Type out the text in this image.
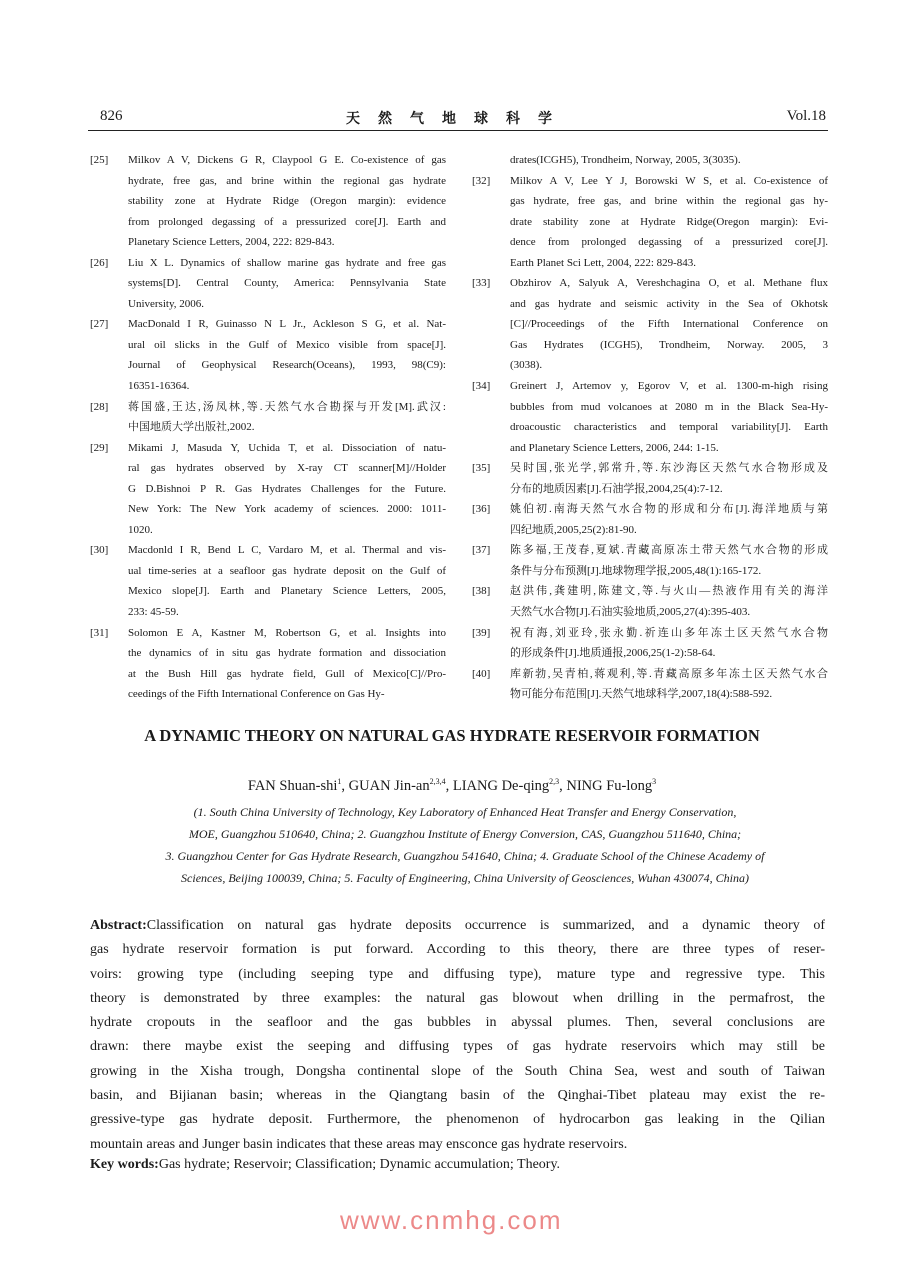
826	天然气地球科学	Vol.18
[25]	Milkov A V, Dickens G R, Claypool G E. Co-existence of gas
hydrate, free gas, and brine within the regional gas hydrate
stability zone at Hydrate Ridge (Oregon margin): evidence
from prolonged degassing of a pressurized core[J]. Earth and
Planetary Science Letters, 2004, 222: 829-843.
[26]	Liu X L. Dynamics of shallow marine gas hydrate and free gas
systems[D]. Central County, America: Pennsylvania State
University, 2006.
[27]	MacDonald I R, Guinasso N L Jr., Ackleson S G, et al. Nat-
ural oil slicks in the Gulf of Mexico visible from space[J].
Journal of Geophysical Research(Oceans), 1993, 98(C9):
16351-16364.
[28]	蒋国盛,王达,汤凤林,等.天然气水合勘探与开发[M].武汉:
中国地质大学出版社,2002.
[29]	Mikami J, Masuda Y, Uchida T, et al. Dissociation of natu-
ral gas hydrates observed by X-ray CT scanner[M]//Holder
G D.Bishnoi P R. Gas Hydrates Challenges for the Future.
New York: The New York academy of sciences. 2000: 1011-
1020.
[30]	Macdonld I R, Bend L C, Vardaro M, et al. Thermal and vis-
ual time-series at a seafloor gas hydrate deposit on the Gulf of
Mexico slope[J]. Earth and Planetary Science Letters, 2005,
233: 45-59.
[31]	Solomon E A, Kastner M, Robertson G, et al. Insights into
the dynamics of in situ gas hydrate formation and dissociation
at the Bush Hill gas hydrate field, Gull of Mexico[C]//Pro-
ceedings of the Fifth International Conference on Gas Hy-
drates(ICGH5), Trondheim, Norway, 2005, 3(3035).
[32]	Milkov A V, Lee Y J, Borowski W S, et al. Co-existence of
gas hydrate, free gas, and brine within the regional gas hy-
drate stability zone at Hydrate Ridge(Oregon margin): Evi-
dence from prolonged degassing of a pressurized core[J].
Earth Planet Sci Lett, 2004, 222: 829-843.
[33]	Obzhirov A, Salyuk A, Vereshchagina O, et al. Methane flux
and gas hydrate and seismic activity in the Sea of Okhotsk
[C]//Proceedings of the Fifth International Conference on
Gas Hydrates (ICGH5), Trondheim, Norway. 2005, 3
(3038).
[34]	Greinert J, Artemov y, Egorov V, et al. 1300-m-high rising
bubbles from mud volcanoes at 2080 m in the Black Sea-Hy-
droacoustic characteristics and temporal variability[J]. Earth
and Planetary Science Letters, 2006, 244: 1-15.
[35]	吴时国,张光学,郭常升,等.东沙海区天然气水合物形成及
分布的地质因素[J].石油学报,2004,25(4):7-12.
[36]	姚伯初.南海天然气水合物的形成和分布[J].海洋地质与第
四纪地质,2005,25(2):81-90.
[37]	陈多福,王茂春,夏斌.青藏高原冻土带天然气水合物的形成
条件与分布预测[J].地球物理学报,2005,48(1):165-172.
[38]	赵洪伟,龚建明,陈建文,等.与火山—热液作用有关的海洋
天然气水合物[J].石油实验地质,2005,27(4):395-403.
[39]	祝有海,刘亚玲,张永勤.祈连山多年冻土区天然气水合物
的形成条件[J].地质通报,2006,25(1-2):58-64.
[40]	库新勃,吴青柏,蒋观利,等.青藏高原多年冻土区天然气水合
物可能分布范围[J].天然气地球科学,2007,18(4):588-592.
A DYNAMIC THEORY ON NATURAL GAS HYDRATE RESERVOIR FORMATION
FAN Shuan-shi$^1$, GUAN Jin-an$^{2,3,4}$, LIANG De-qing$^{2,3}$, NING Fu-long$^3$
(1. South China University of Technology, Key Laboratory of Enhanced Heat Transfer and Energy Conservation,
MOE, Guangzhou 510640, China; 2. Guangzhou Institute of Energy Conversion, CAS, Guangzhou 511640, China;
3. Guangzhou Center for Gas Hydrate Research, Guangzhou 541640, China; 4. Graduate School of the Chinese Academy of
Sciences, Beijing 100039, China; 5. Faculty of Engineering, China University of Geosciences, Wuhan 430074, China)
Abstract:Classification on natural gas hydrate deposits occurrence is summarized, and a dynamic theory of
gas hydrate reservoir formation is put forward. According to this theory, there are three types of reser-
voirs: growing type (including seeping type and diffusing type), mature type and regressive type. This
theory is demonstrated by three examples: the natural gas blowout when drilling in the permafrost, the
hydrate cropouts in the seafloor and the gas bubbles in abyssal plumes. Then, several conclusions are
drawn: there maybe exist the seeping and diffusing types of gas hydrate reservoirs which may still be
growing in the Xisha trough, Dongsha continental slope of the South China Sea, west and south of Taiwan
basin, and Bijianan basin; whereas in the Qiangtang basin of the Qinghai-Tibet plateau may exist the re-
gressive-type gas hydrate deposit. Furthermore, the phenomenon of hydrocarbon gas leaking in the Qilian
mountain areas and Junger basin indicates that these areas may ensconce gas hydrate reservoirs.
Key words:Gas hydrate; Reservoir; Classification; Dynamic accumulation; Theory.
www.cnmhg.com
